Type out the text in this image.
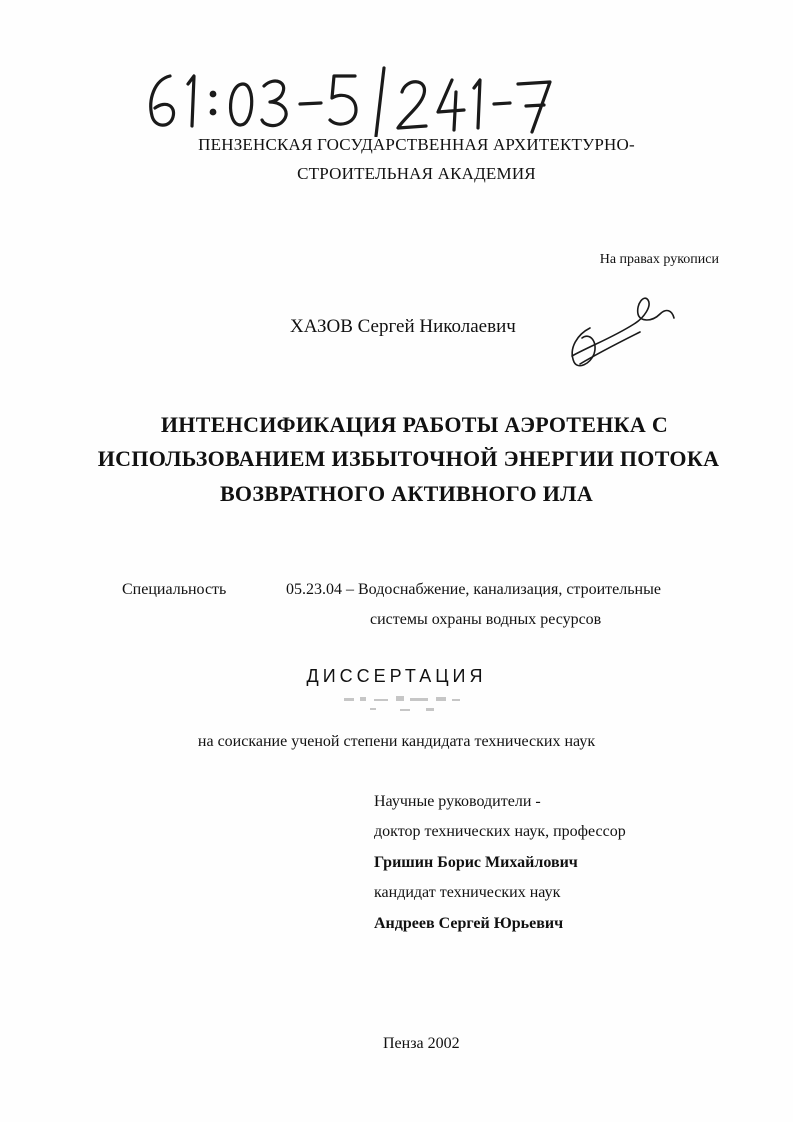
ПЕНЗЕНСКАЯ ГОСУДАРСТВЕННАЯ АРХИТЕКТУРНО-
СТРОИТЕЛЬНАЯ АКАДЕМИЯ
На правах рукописи
ХАЗОВ Сергей Николаевич
ИНТЕНСИФИКАЦИЯ РАБОТЫ АЭРОТЕНКА С
ИСПОЛЬЗОВАНИЕМ ИЗБЫТОЧНОЙ ЭНЕРГИИ ПОТОКА
ВОЗВРАТНОГО АКТИВНОГО ИЛА
Специальность	05.23.04 – Водоснабжение, канализация, строительные
системы охраны водных ресурсов
ДИССЕРТАЦИЯ
на соискание ученой степени кандидата технических наук
Научные руководители -
доктор технических наук, профессор
Гришин Борис Михайлович
кандидат технических наук
Андреев Сергей Юрьевич
Пенза 2002
